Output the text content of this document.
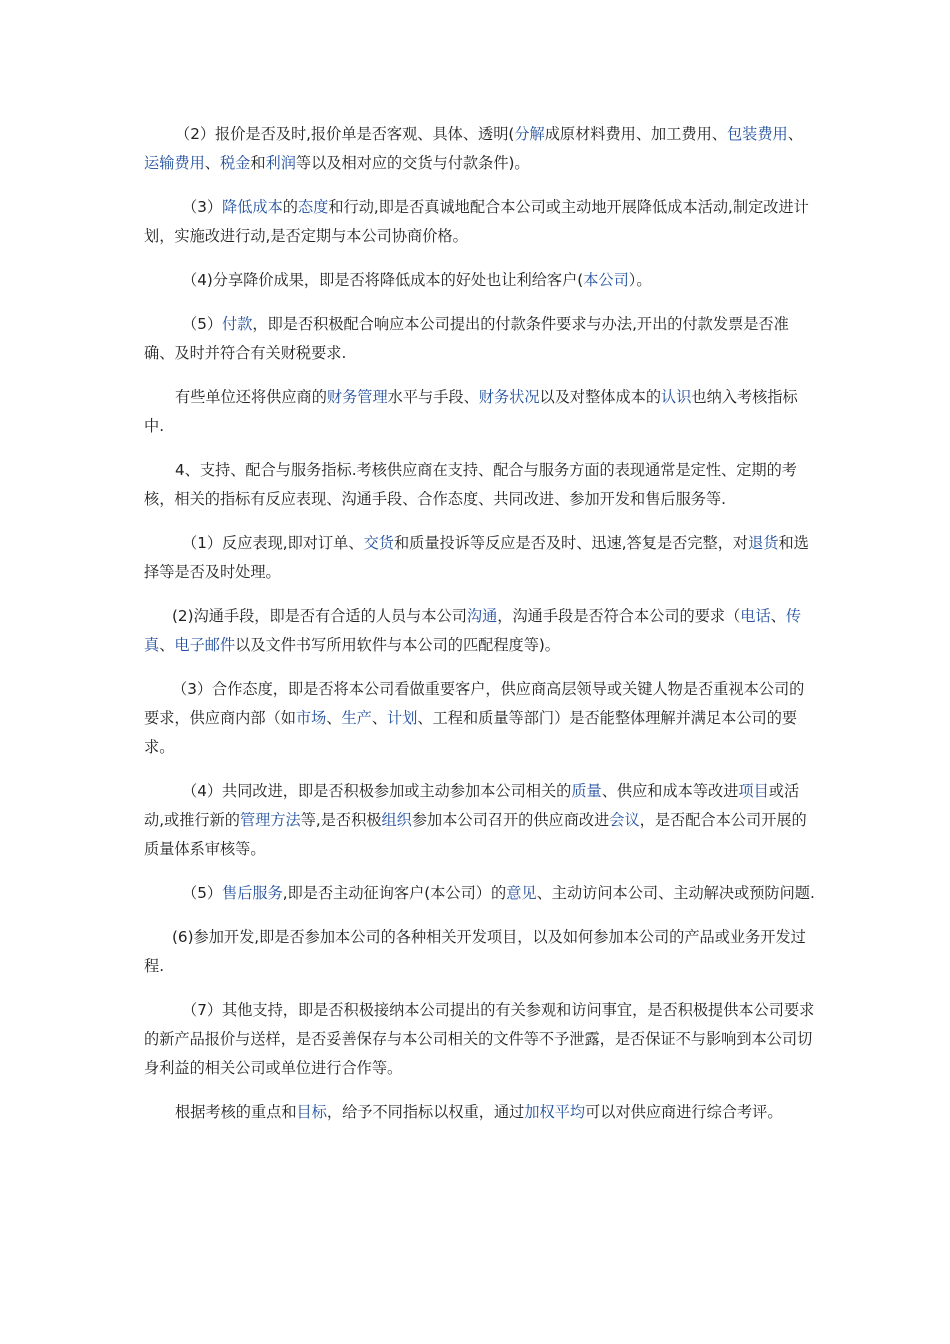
（2）报价是否及时,报价单是否客观、具体、透明(分解成原材料费用、加工费用、包装费用、运输费用、税金和利润等以及相对应的交货与付款条件)。

（3）降低成本的态度和行动,即是否真诚地配合本公司或主动地开展降低成本活动,制定改进计划，实施改进行动,是否定期与本公司协商价格。

（4)分享降价成果，即是否将降低成本的好处也让利给客户(本公司）。

（5）付款，即是否积极配合响应本公司提出的付款条件要求与办法,开出的付款发票是否准确、及时并符合有关财税要求.

有些单位还将供应商的财务管理水平与手段、财务状况以及对整体成本的认识也纳入考核指标中.

4、支持、配合与服务指标.考核供应商在支持、配合与服务方面的表现通常是定性、定期的考核，相关的指标有反应表现、沟通手段、合作态度、共同改进、参加开发和售后服务等.

（1）反应表现,即对订单、交货和质量投诉等反应是否及时、迅速,答复是否完整，对退货和选择等是否及时处理。

(2)沟通手段，即是否有合适的人员与本公司沟通，沟通手段是否符合本公司的要求（电话、传真、电子邮件以及文件书写所用软件与本公司的匹配程度等)。

（3）合作态度，即是否将本公司看做重要客户，供应商高层领导或关键人物是否重视本公司的要求，供应商内部（如市场、生产、计划、工程和质量等部门）是否能整体理解并满足本公司的要求。

（4）共同改进，即是否积极参加或主动参加本公司相关的质量、供应和成本等改进项目或活动,或推行新的管理方法等,是否积极组织参加本公司召开的供应商改进会议，是否配合本公司开展的质量体系审核等。

（5）售后服务,即是否主动征询客户(本公司）的意见、主动访问本公司、主动解决或预防问题.

(6)参加开发,即是否参加本公司的各种相关开发项目，以及如何参加本公司的产品或业务开发过程.

（7）其他支持，即是否积极接纳本公司提出的有关参观和访问事宜，是否积极提供本公司要求的新产品报价与送样，是否妥善保存与本公司相关的文件等不予泄露，是否保证不与影响到本公司切身利益的相关公司或单位进行合作等。

根据考核的重点和目标，给予不同指标以权重，通过加权平均可以对供应商进行综合考评。
